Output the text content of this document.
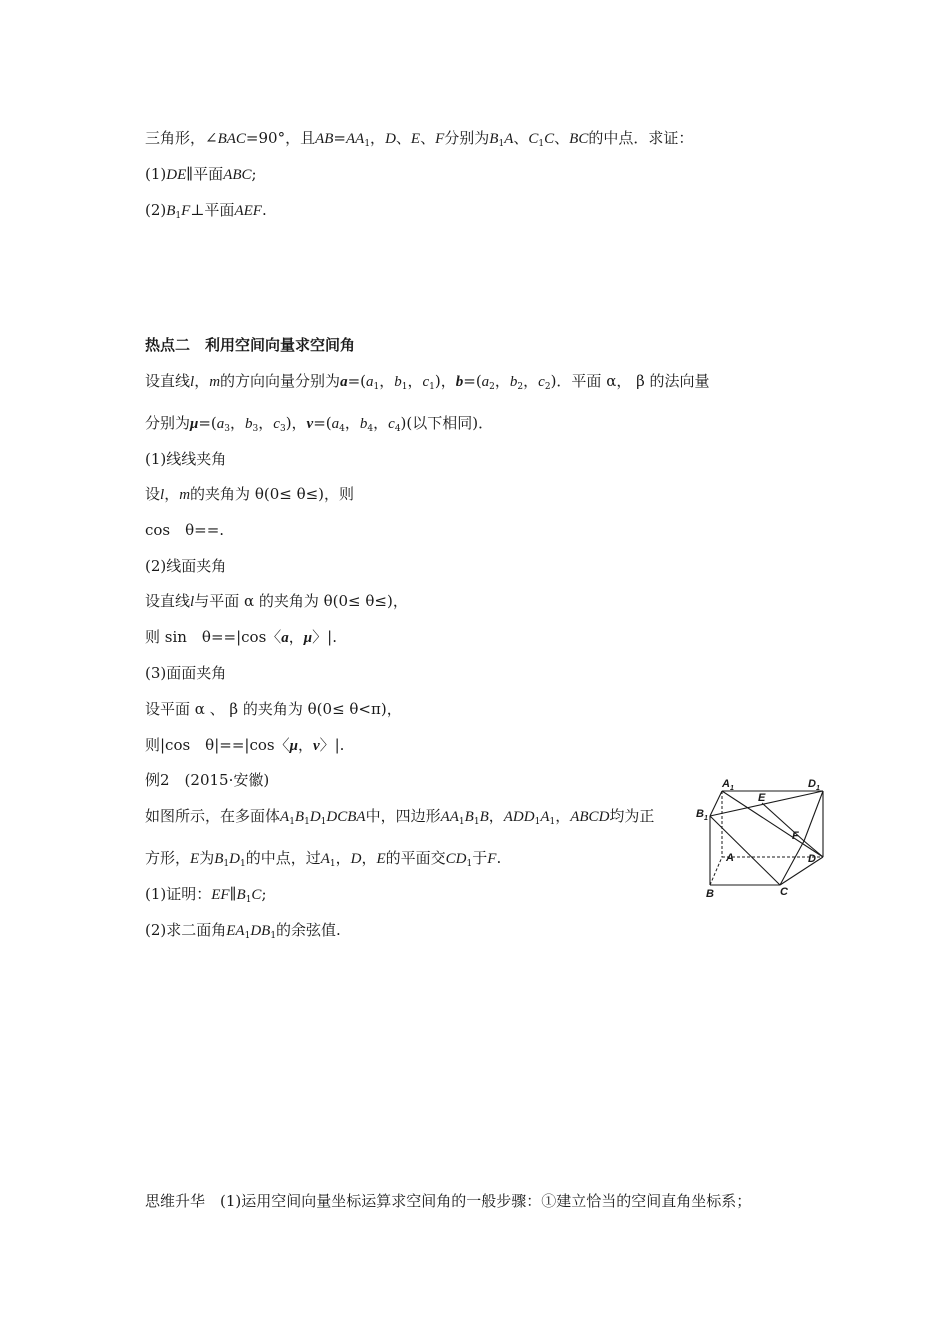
三角形，∠BAC=90°，且$AB=AA_1$，D、E、F分别为$B_1A$、$C_1C$、BC的中点．求证：
(1)DE∥平面ABC;
$(2)B_1F\perp$平面AEF.
热点二　利用空间向量求空间角
设直线l，m的方向向量分别为$a=(a_1$，$b_1$，$c_1$)，$b=(a_2$，$b_2$，$c_2$)．平面 α， β 的法向量
分别为$\mu=(a_3$，$b_3$，$c_3$)，$v=(a_4$，$b_4$，$c_4$)(以下相同)．
(1)线线夹角
设l，m的夹角为 θ(0≤ θ≤)，则
cos　θ==.
(2)线面夹角
设直线l与平面 α 的夹角为 θ(0≤ θ≤)，
则 sin　θ==|cos〈a，μ〉|.
(3)面面夹角
设平面 α 、 β 的夹角为 θ(0≤ θ<π)，
则|cos　θ|==|cos〈μ，v〉|.
例2　(2015·安徽)
如图所示，在多面体$A_1B_1D_1DCBA$中，四边形$AA_1B_1B$，$ADD_1A_1$，ABCD均为正
方形，E为$B_1D_1$的中点，过$A_1$，D，E的平面交$CD_1$于F.
(1)证明：$EF\parallel B_1C$;
(2)求二面角$EA_1DB_1$的余弦值.
思维升华　(1)运用空间向量坐标运算求空间角的一般步骤：①建立恰当的空间直角坐标系；
$A_1$	$D_1$
$B_1$
E
F
A	D
B	C
